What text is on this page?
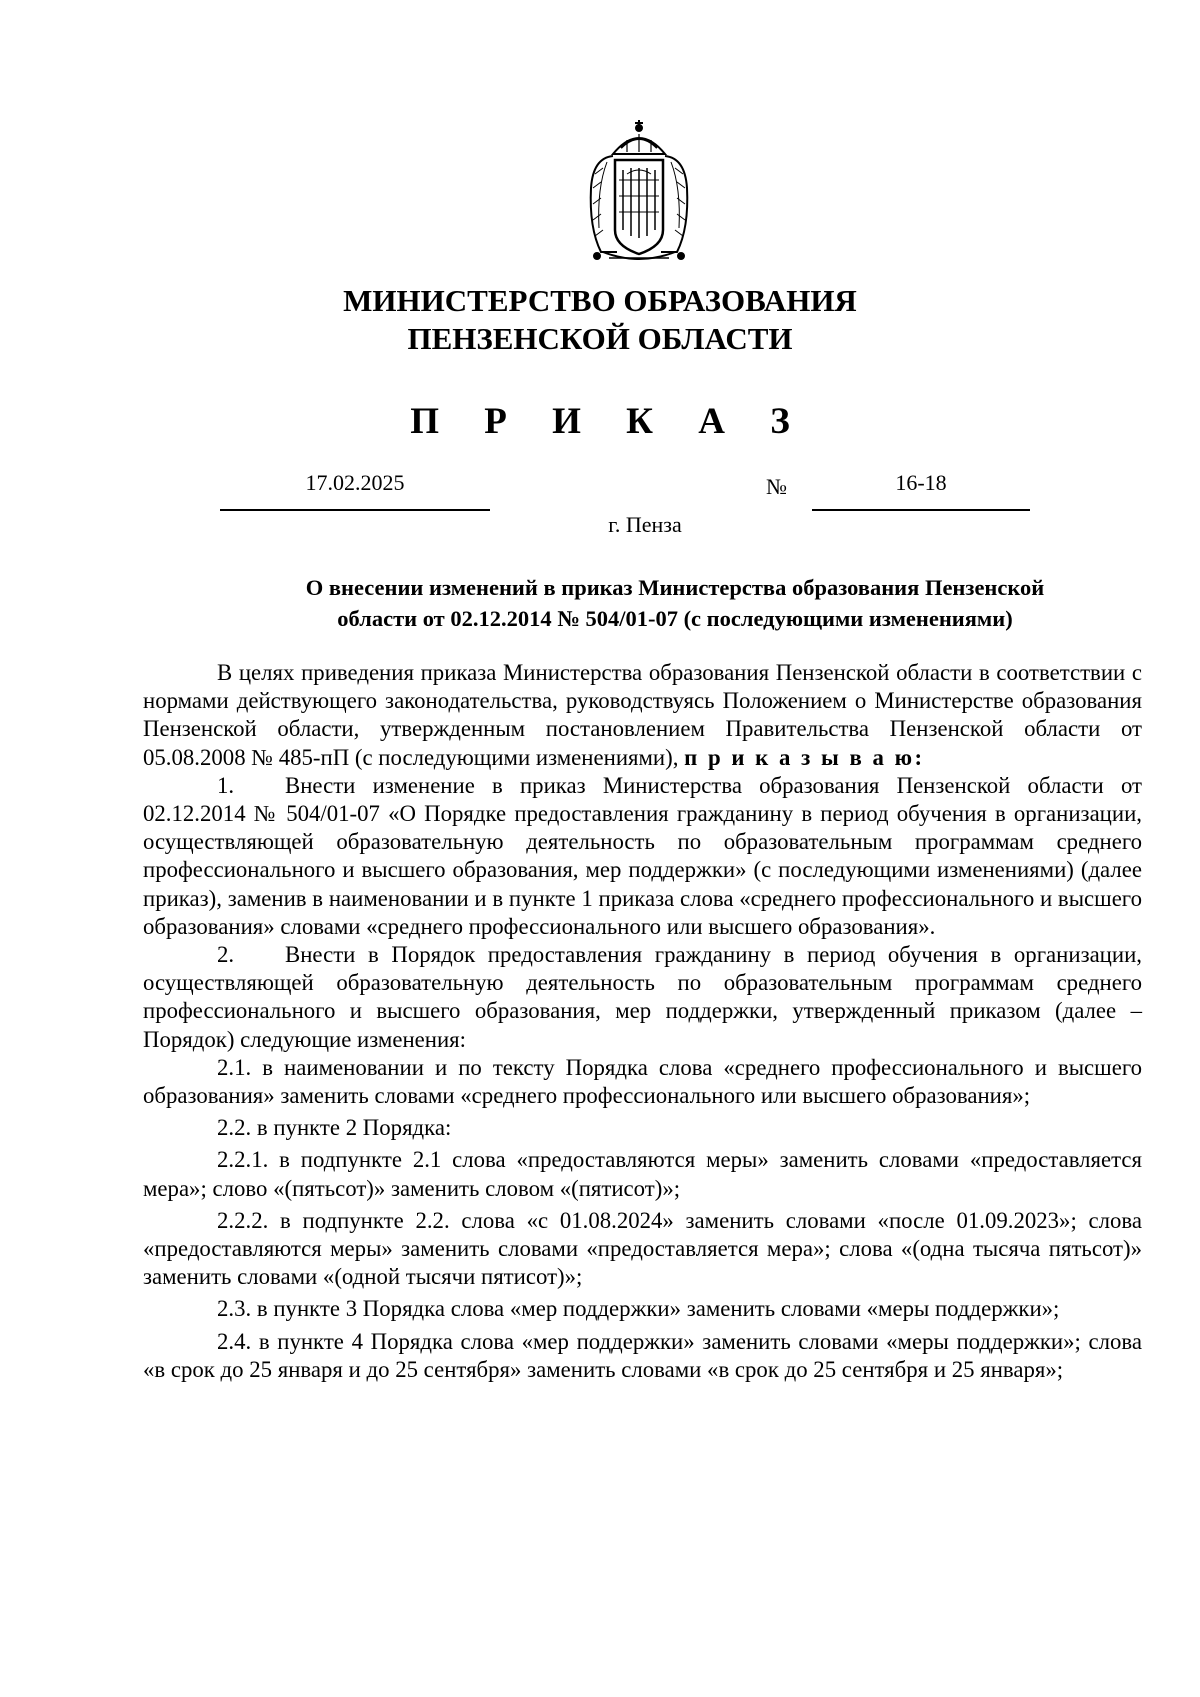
МИНИСТЕРСТВО ОБРАЗОВАНИЯ
ПЕНЗЕНСКОЙ ОБЛАСТИ
П Р И К А З
17.02.2025	№	16-18
г. Пенза
О внесении изменений в приказ Министерства образования Пензенской
области от 02.12.2014 № 504/01-07 (с последующими изменениями)

В целях приведения приказа Министерства образования Пензенской области в соответствии с нормами действующего законодательства, руководствуясь Положением о Министерстве образования Пензенской области, утвержденным постановлением Правительства Пензенской области от 05.08.2008 № 485-пП (с последующими изменениями), п р и к а з ы в а ю:

1. Внести изменение в приказ Министерства образования Пензенской области от 02.12.2014 № 504/01-07 «О Порядке предоставления гражданину в период обучения в организации, осуществляющей образовательную деятельность по образовательным программам среднего профессионального и высшего образования, мер поддержки» (с последующими изменениями) (далее приказ), заменив в наименовании и в пункте 1 приказа слова «среднего профессионального и высшего образования» словами «среднего профессионального или высшего образования».

2. Внести в Порядок предоставления гражданину в период обучения в организации, осуществляющей образовательную деятельность по образовательным программам среднего профессионального и высшего образования, мер поддержки, утвержденный приказом (далее – Порядок) следующие изменения:

2.1. в наименовании и по тексту Порядка слова «среднего профессионального и высшего образования» заменить словами «среднего профессионального или высшего образования»;

2.2. в пункте 2 Порядка:

2.2.1. в подпункте 2.1 слова «предоставляются меры» заменить словами «предоставляется мера»; слово «(пятьсот)» заменить словом «(пятисот)»;

2.2.2. в подпункте 2.2. слова «с 01.08.2024» заменить словами «после 01.09.2023»; слова «предоставляются меры» заменить словами «предоставляется мера»; слова «(одна тысяча пятьсот)» заменить словами «(одной тысячи пятисот)»;

2.3. в пункте 3 Порядка слова «мер поддержки» заменить словами «меры поддержки»;

2.4. в пункте 4 Порядка слова «мер поддержки» заменить словами «меры поддержки»; слова «в срок до 25 января и до 25 сентября» заменить словами «в срок до 25 сентября и 25 января»;
